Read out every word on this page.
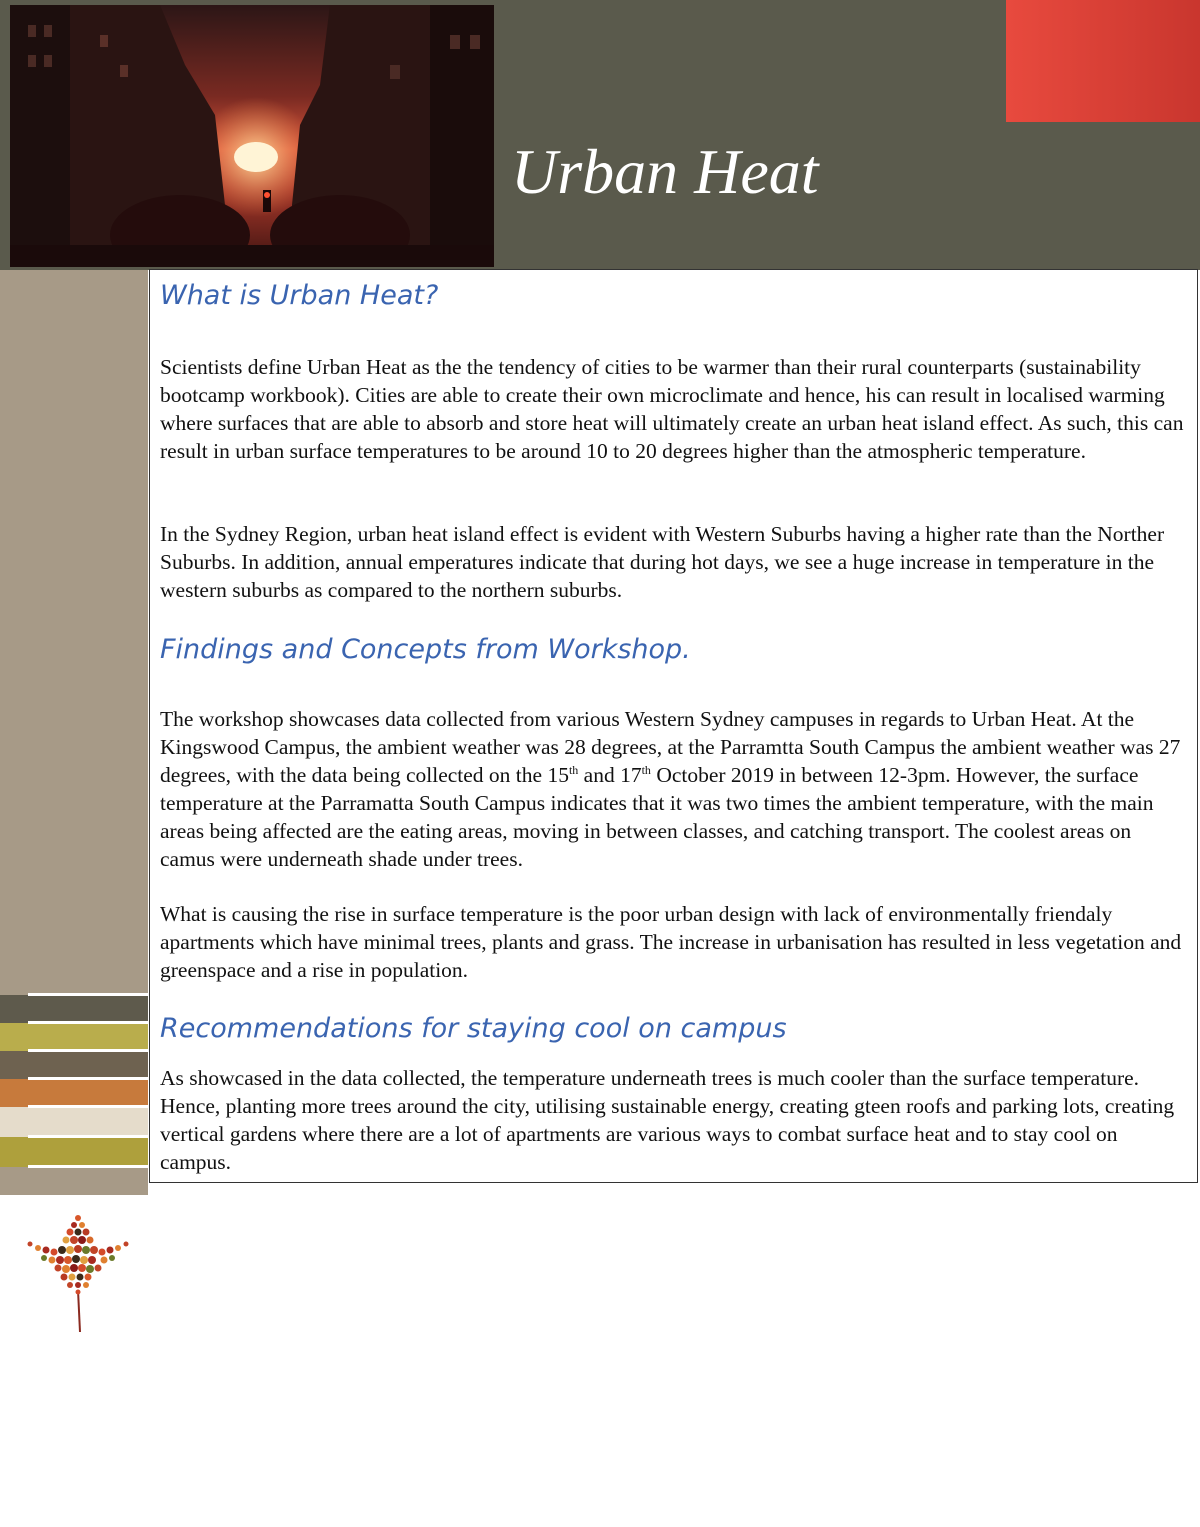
Urban Heat
What is Urban Heat?
Scientists define Urban Heat as the the tendency of cities to be warmer than their rural counterparts (sustainability bootcamp workbook). Cities are able to create their own microclimate and hence, his can result in localised warming where surfaces that are able to absorb and store heat will ultimately create an urban heat island effect. As such, this can result in urban surface temperatures to be around 10 to 20 degrees higher than the atmospheric temperature.
In the Sydney Region, urban heat island effect is evident with Western Suburbs having a higher rate than the Norther Suburbs. In addition, annual emperatures indicate that during hot days, we see a huge increase in temperature in the western suburbs as compared to the northern suburbs.
Findings and Concepts from Workshop.
The workshop showcases data collected from various Western Sydney campuses in regards to Urban Heat. At the Kingswood Campus, the ambient weather was 28 degrees, at the Parramtta South Campus the ambient weather was 27 degrees, with the data being collected on the 15th and 17th October 2019 in between 12-3pm. However, the surface temperature at the Parramatta South Campus indicates that it was two times the ambient temperature, with the main areas being affected are the eating areas, moving in between classes, and catching transport. The coolest areas on camus were underneath shade under trees.
What is causing the rise in surface temperature is the poor urban design with lack of environmentally friendaly apartments which have minimal trees, plants and grass. The increase in urbanisation has resulted in less vegetation and greenspace and a rise in population.
Recommendations for staying cool on campus
As showcased in the data collected, the temperature underneath trees is much cooler than the surface temperature. Hence, planting more trees around the city, utilising sustainable energy, creating gteen roofs and parking lots, creating vertical gardens where there are a lot of apartments are various ways to combat surface heat and to stay cool on campus.
